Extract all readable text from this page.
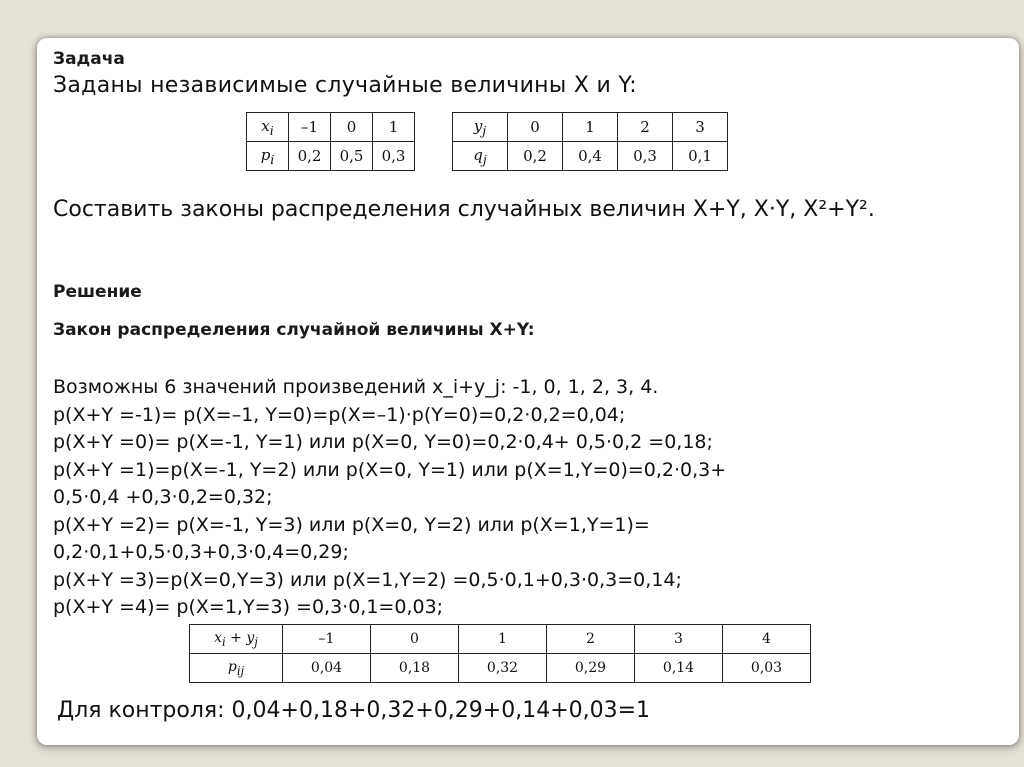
Задача
Заданы независимые случайные величины X и Y:
$x_i$	–1	0	1
$p_i$	0,2	0,5	0,3
$y_j$	0	1	2	3
$q_j$	0,2	0,4	0,3	0,1
Составить законы распределения случайных величин X+Y, X·Y, X²+Y².
Решение
Закон распределения случайной величины X+Y:
Возможны 6 значений произведений x_i+y_j: -1, 0, 1, 2, 3, 4.
p(X+Y =-1)= p(X=–1, Y=0)=p(X=–1)·p(Y=0)=0,2·0,2=0,04;
p(X+Y =0)= p(X=-1, Y=1) или p(X=0, Y=0)=0,2·0,4+ 0,5·0,2 =0,18;
p(X+Y =1)=p(X=-1, Y=2) или p(X=0, Y=1) или p(X=1,Y=0)=0,2·0,3+
0,5·0,4 +0,3·0,2=0,32;
p(X+Y =2)= p(X=-1, Y=3) или p(X=0, Y=2) или p(X=1,Y=1)=
0,2·0,1+0,5·0,3+0,3·0,4=0,29;
p(X+Y =3)=p(X=0,Y=3) или p(X=1,Y=2) =0,5·0,1+0,3·0,3=0,14;
p(X+Y =4)= p(X=1,Y=3) =0,3·0,1=0,03;
$x_i + y_j$	–1	0	1	2	3	4
$p_{ij}$	0,04	0,18	0,32	0,29	0,14	0,03
Для контроля: 0,04+0,18+0,32+0,29+0,14+0,03=1
